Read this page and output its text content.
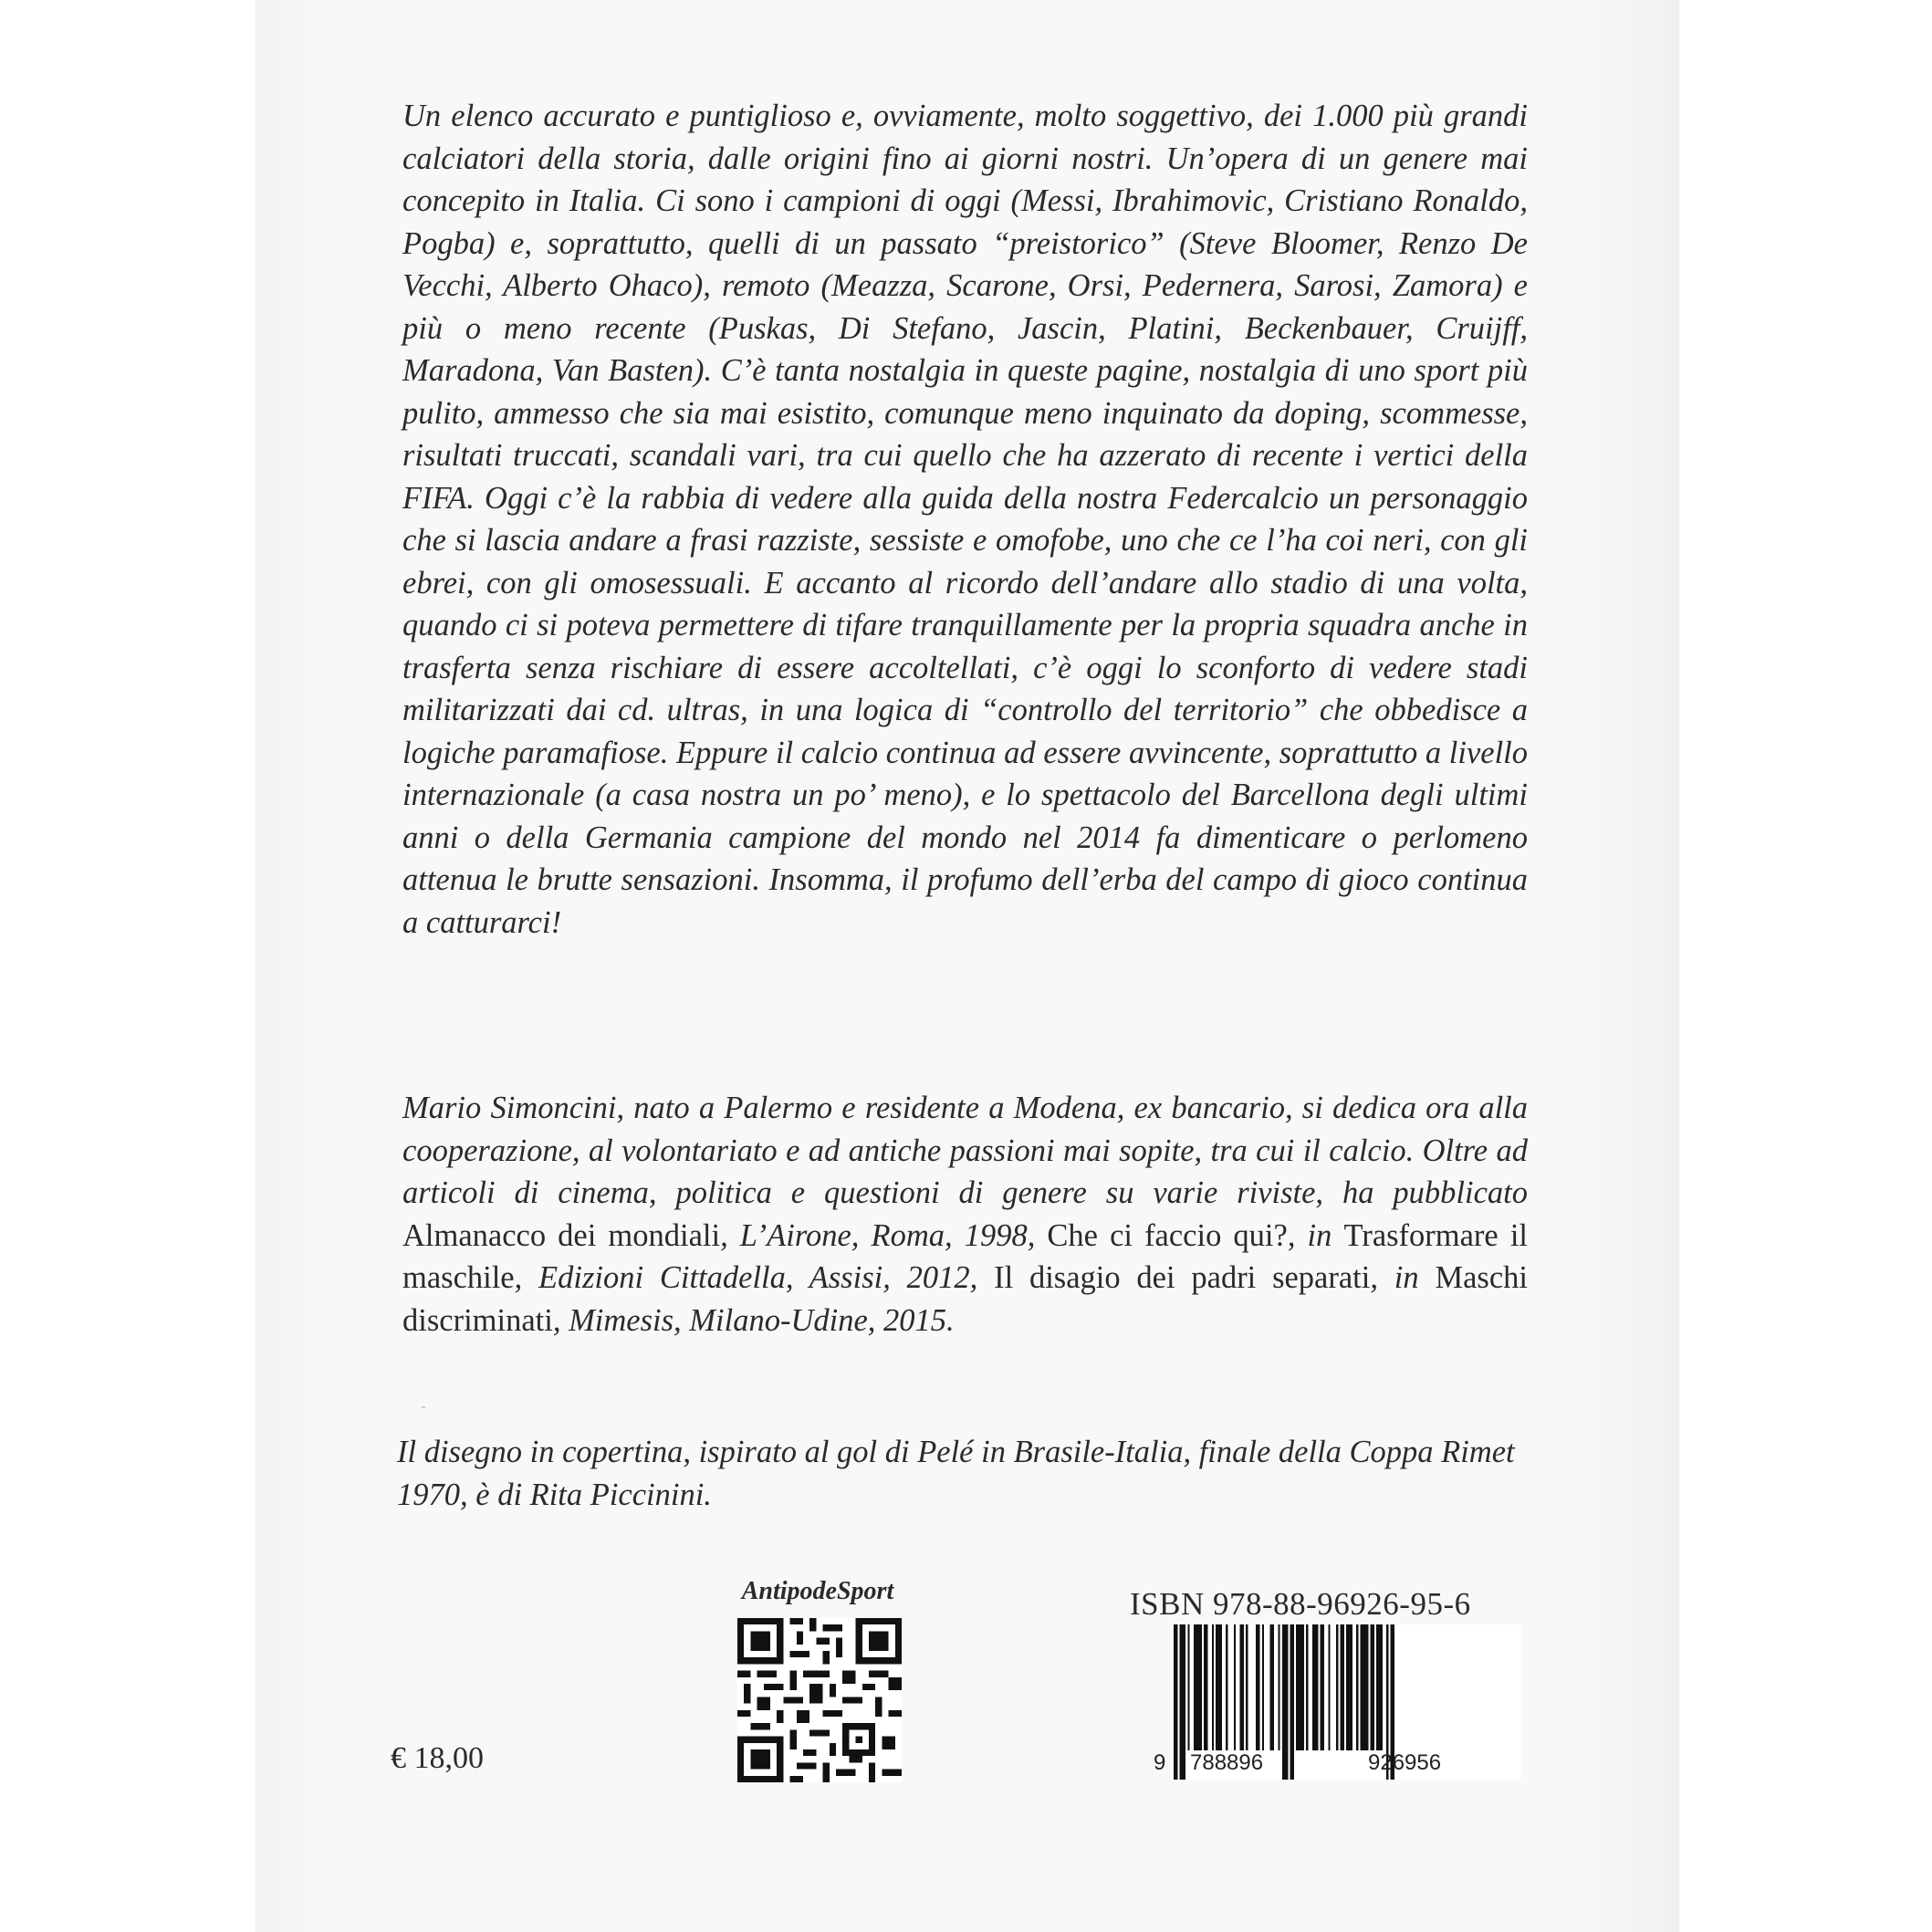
Un elenco accurato e puntiglioso e, ovviamente, molto soggettivo, dei 1.000 più grandi calciatori della storia, dalle origini fino ai giorni nostri. Un’opera di un genere mai concepito in Italia. Ci sono i campioni di oggi (Messi, Ibrahimovic, Cristiano Ronaldo, Pogba) e, soprattutto, quelli di un passato “preistorico” (Steve Bloomer, Renzo De Vecchi, Alberto Ohaco), remoto (Meazza, Scarone, Orsi, Pedernera, Sarosi, Zamora) e più o meno recente (Puskas, Di Stefano, Jascin, Platini, Beckenbauer, Cruijff, Maradona, Van Basten). C’è tanta nostalgia in queste pagine, nostalgia di uno sport più pulito, ammesso che sia mai esistito, comunque meno inquinato da doping, scommesse, risultati truccati, scandali vari, tra cui quello che ha azzerato di recente i vertici della FIFA. Oggi c’è la rabbia di vedere alla guida della nostra Federcalcio un personaggio che si lascia andare a frasi razziste, sessiste e omofobe, uno che ce l’ha coi neri, con gli ebrei, con gli omosessuali. E accanto al ricordo dell’andare allo stadio di una volta, quando ci si poteva permettere di tifare tranquillamente per la propria squadra anche in trasferta senza rischiare di essere accoltellati, c’è oggi lo sconforto di vedere stadi militarizzati dai cd. ultras, in una logica di “controllo del territorio” che obbedisce a logiche paramafiose. Eppure il calcio continua ad essere avvincente, soprattutto a livello internazionale (a casa nostra un po’ meno), e lo spettacolo del Barcellona degli ultimi anni o della Germania campione del mondo nel 2014 fa dimenticare o perlomeno attenua le brutte sensazioni. Insomma, il profumo dell’erba del campo di gioco continua a catturarci!

Mario Simoncini, nato a Palermo e residente a Modena, ex bancario, si dedica ora alla cooperazione, al volontariato e ad antiche passioni mai sopite, tra cui il calcio. Oltre ad articoli di cinema, politica e questioni di genere su varie riviste, ha pubblicato Almanacco dei mondiali, L’Airone, Roma, 1998, Che ci faccio qui?, in Trasformare il maschile, Edizioni Cittadella, Assisi, 2012, Il disagio dei padri separati, in Maschi discriminati, Mimesis, Milano-Udine, 2015.

Il disegno in copertina, ispirato al gol di Pelé in Brasile-Italia, finale della Coppa Rimet 1970, è di Rita Piccinini.

AntipodeSport

€ 18,00

ISBN 978-88-96926-95-6

9 788896	926956
